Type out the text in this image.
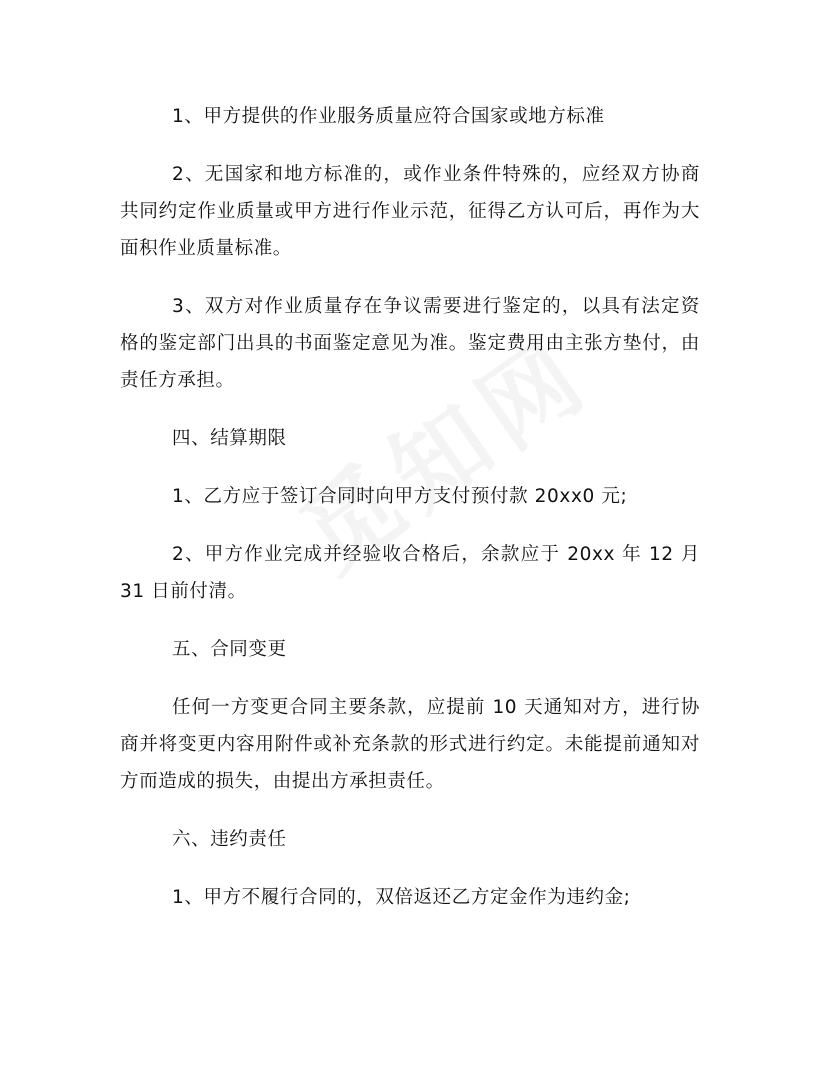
1、甲方提供的作业服务质量应符合国家或地方标准

2、无国家和地方标准的，或作业条件特殊的，应经双方协商共同约定作业质量或甲方进行作业示范，征得乙方认可后，再作为大面积作业质量标准。

3、双方对作业质量存在争议需要进行鉴定的，以具有法定资格的鉴定部门出具的书面鉴定意见为准。鉴定费用由主张方垫付，由责任方承担。

四、结算期限

1、乙方应于签订合同时向甲方支付预付款 20xx0 元;

2、甲方作业完成并经验收合格后，余款应于 20xx 年 12 月 31 日前付清。

五、合同变更

任何一方变更合同主要条款，应提前 10 天通知对方，进行协商并将变更内容用附件或补充条款的形式进行约定。未能提前通知对方而造成的损失，由提出方承担责任。

六、违约责任

1、甲方不履行合同的，双倍返还乙方定金作为违约金;
